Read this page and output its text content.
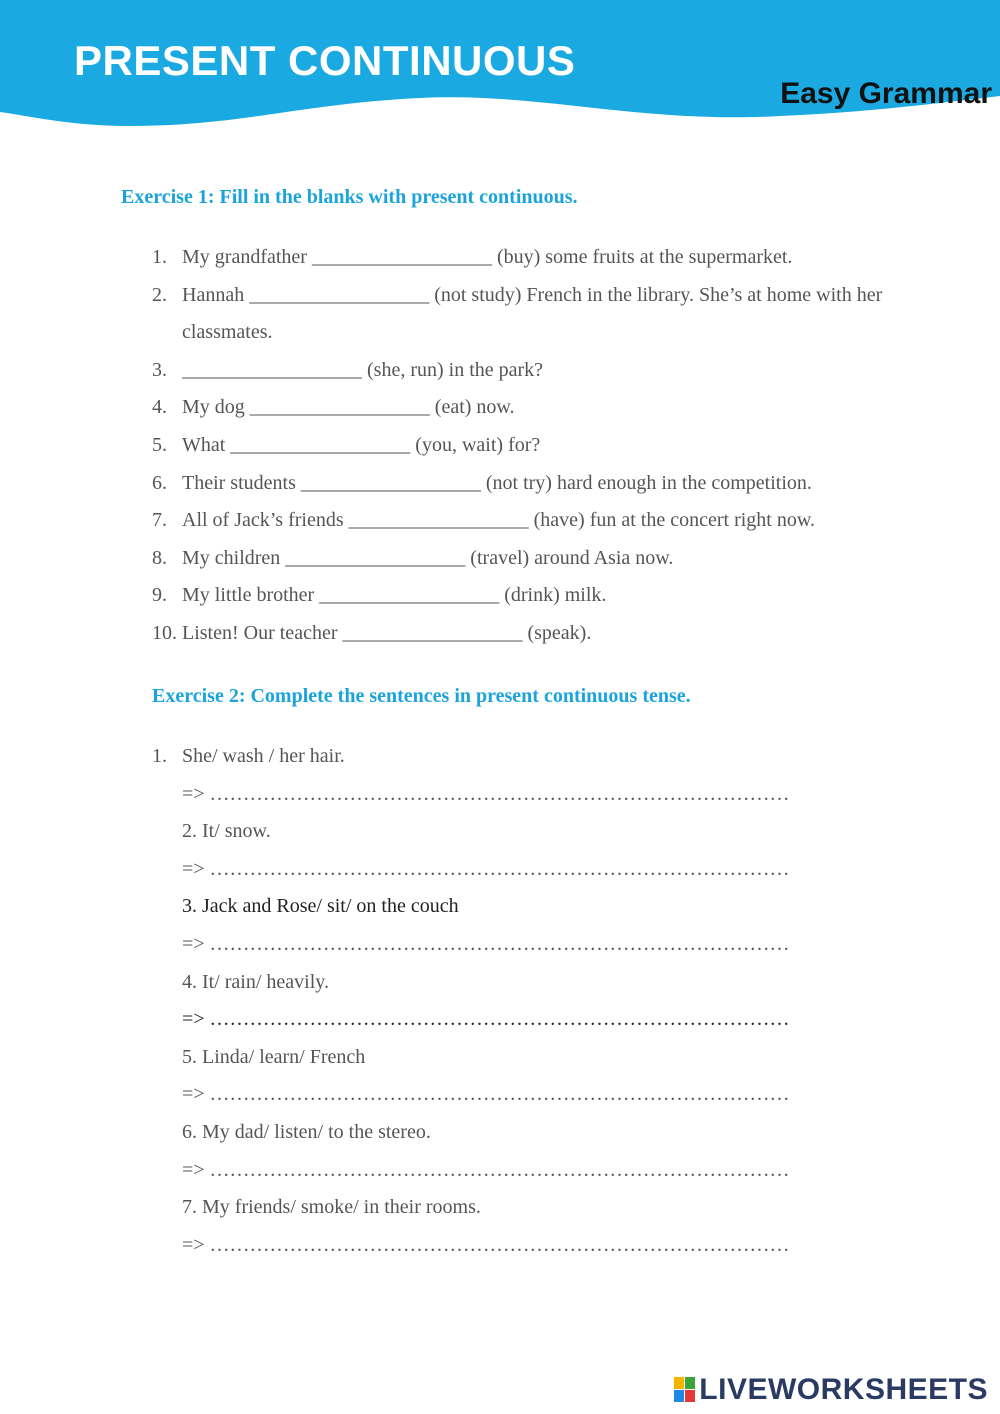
PRESENT CONTINUOUS
Easy Grammar
Exercise 1: Fill in the blanks with present continuous.
1. My grandfather __________________ (buy) some fruits at the supermarket.
2. Hannah __________________ (not study) French in the library. She’s at home with her classmates.
3. __________________ (she, run) in the park?
4. My dog __________________ (eat) now.
5. What __________________ (you, wait) for?
6. Their students __________________ (not try) hard enough in the competition.
7. All of Jack’s friends __________________ (have) fun at the concert right now.
8. My children __________________ (travel) around Asia now.
9. My little brother __________________ (drink) milk.
10. Listen! Our teacher __________________ (speak).
Exercise 2: Complete the sentences in present continuous tense.
1. She/ wash / her hair.
=> ……………………………………………………………………………
2. It/ snow.
=> ……………………………………………………………………………
3. Jack and Rose/ sit/ on the couch
=> ……………………………………………………………………………
4. It/ rain/ heavily.
=> ……………………………………………………………………………
5. Linda/ learn/ French
=> ……………………………………………………………………………
6. My dad/ listen/ to the stereo.
=> ……………………………………………………………………………
7. My friends/ smoke/ in their rooms.
=> ……………………………………………………………………………
LIVEWORKSHEETS
